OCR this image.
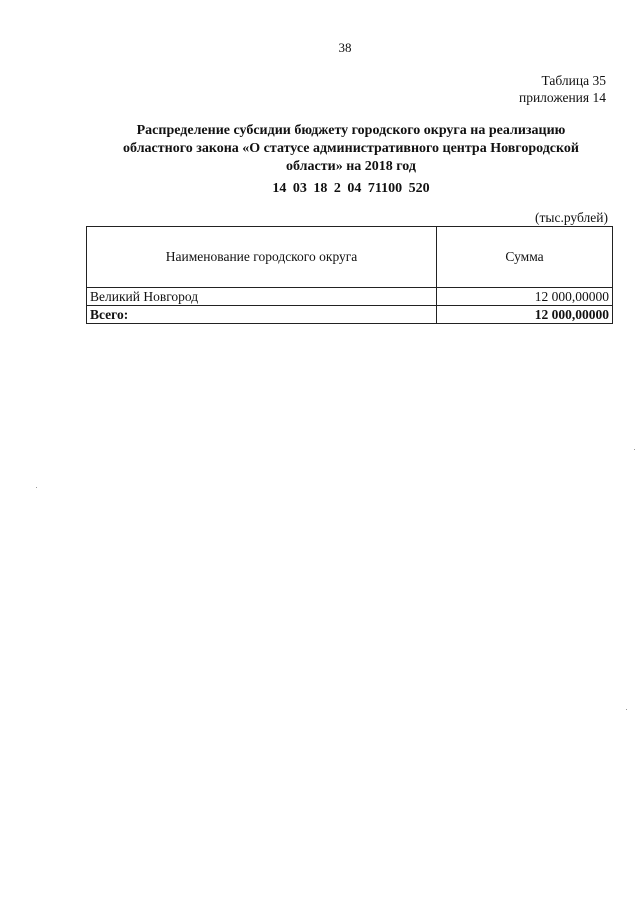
38
Таблица 35
приложения 14
Распределение субсидии бюджету городского округа на реализацию
областного закона «О статусе административного центра Новгородской
области» на 2018 год
14 03 18 2 04 71100 520
(тыс.рублей)
Наименование городского округа	Сумма
Великий Новгород	12 000,00000
Всего:	12 000,00000
